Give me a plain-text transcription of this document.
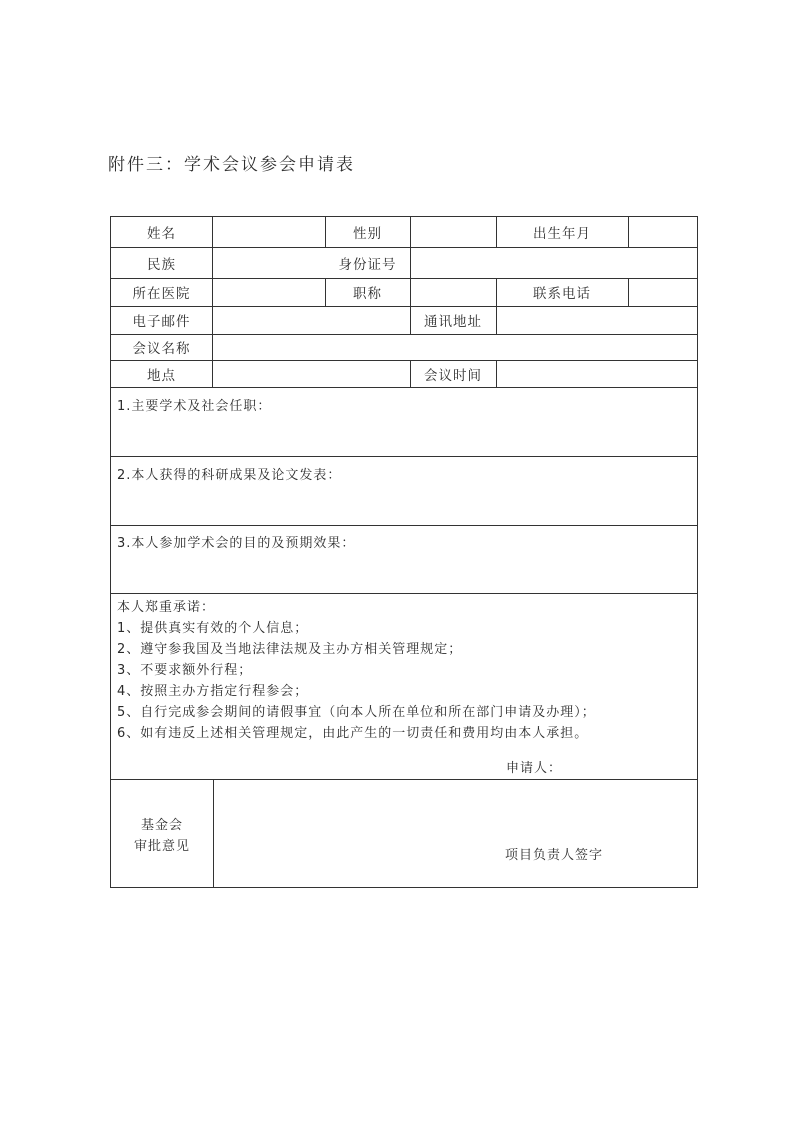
附件三：学术会议参会申请表
姓名	性别	出生年月
民族	身份证号
所在医院	职称	联系电话
电子邮件	通讯地址
会议名称
地点	会议时间
1.主要学术及社会任职：
2.本人获得的科研成果及论文发表：
3.本人参加学术会的目的及预期效果：
本人郑重承诺：
1、提供真实有效的个人信息；
2、遵守参我国及当地法律法规及主办方相关管理规定；
3、不要求额外行程；
4、按照主办方指定行程参会；
5、自行完成参会期间的请假事宜（向本人所在单位和所在部门申请及办理）；
6、如有违反上述相关管理规定，由此产生的一切责任和费用均由本人承担。
申请人：
基金会
审批意见
项目负责人签字
